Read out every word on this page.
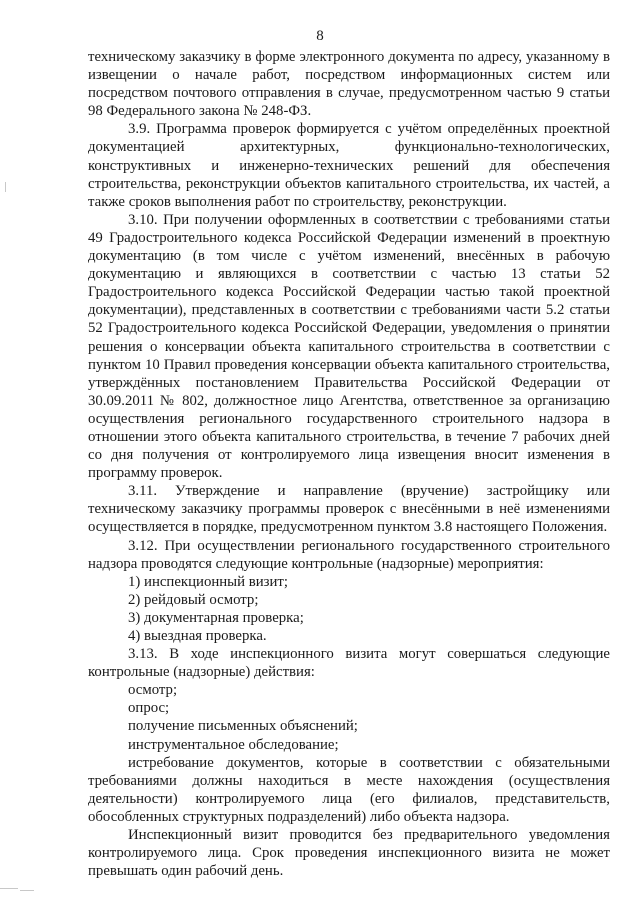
8

техническому заказчику в форме электронного документа по адресу, указанному в извещении о начале работ, посредством информационных систем или посредством почтового отправления в случае, предусмотренном частью 9 статьи 98 Федерального закона № 248-ФЗ.

3.9. Программа проверок формируется с учётом определённых проектной документацией архитектурных, функционально-технологических, конструктивных и инженерно-технических решений для обеспечения строительства, реконструкции объектов капитального строительства, их частей, а также сроков выполнения работ по строительству, реконструкции.

3.10. При получении оформленных в соответствии с требованиями статьи 49 Градостроительного кодекса Российской Федерации изменений в проектную документацию (в том числе с учётом изменений, внесённых в рабочую документацию и являющихся в соответствии с частью 13 статьи 52 Градостроительного кодекса Российской Федерации частью такой проектной документации), представленных в соответствии с требованиями части 5.2 статьи 52 Градостроительного кодекса Российской Федерации, уведомления о принятии решения о консервации объекта капитального строительства в соответствии с пунктом 10 Правил проведения консервации объекта капитального строительства, утверждённых постановлением Правительства Российской Федерации от 30.09.2011 № 802, должностное лицо Агентства, ответственное за организацию осуществления регионального государственного строительного надзора в отношении этого объекта капитального строительства, в течение 7 рабочих дней со дня получения от контролируемого лица извещения вносит изменения в программу проверок.

3.11. Утверждение и направление (вручение) застройщику или техническому заказчику программы проверок с внесёнными в неё изменениями осуществляется в порядке, предусмотренном пунктом 3.8 настоящего Положения.

3.12. При осуществлении регионального государственного строительного надзора проводятся следующие контрольные (надзорные) мероприятия:

1) инспекционный визит;

2) рейдовый осмотр;

3) документарная проверка;

4) выездная проверка.

3.13. В ходе инспекционного визита могут совершаться следующие контрольные (надзорные) действия:

осмотр;

опрос;

получение письменных объяснений;

инструментальное обследование;

истребование документов, которые в соответствии с обязательными требованиями должны находиться в месте нахождения (осуществления деятельности) контролируемого лица (его филиалов, представительств, обособленных структурных подразделений) либо объекта надзора.

Инспекционный визит проводится без предварительного уведомления контролируемого лица. Срок проведения инспекционного визита не может превышать один рабочий день.
